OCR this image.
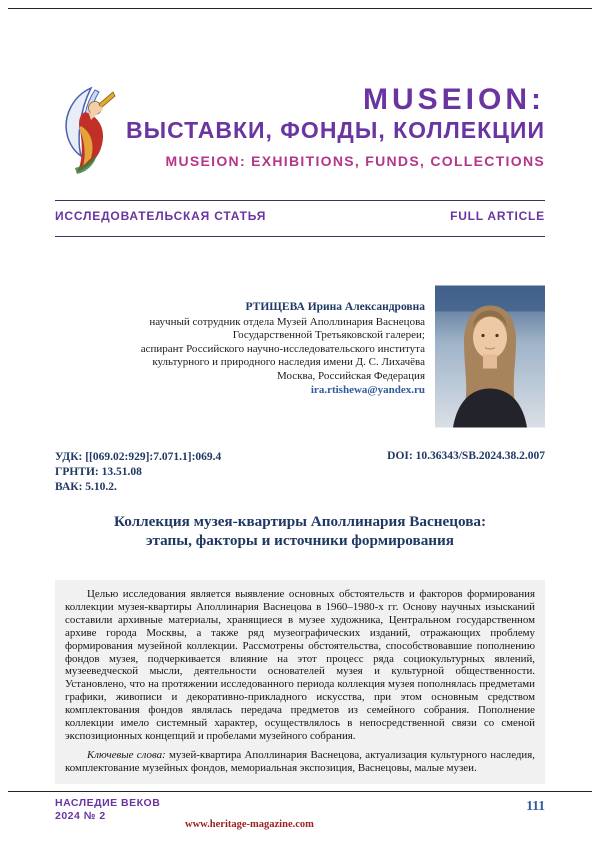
MUSEION:
ВЫСТАВКИ, ФОНДЫ, КОЛЛЕКЦИИ
MUSEION: EXHIBITIONS, FUNDS, COLLECTIONS
ИССЛЕДОВАТЕЛЬСКАЯ СТАТЬЯ	FULL ARTICLE
РТИЩЕВА Ирина Александровна
научный сотрудник отдела Музей Аполлинария Васнецова
Государственной Третьяковской галереи;
аспирант Российского научно-исследовательского института
культурного и природного наследия имени Д. С. Лихачёва
Москва, Российская Федерация
ira.rtishewa@yandex.ru
УДК: [[069.02:929]:7.071.1]:069.4
ГРНТИ: 13.51.08
ВАК: 5.10.2.
DOI: 10.36343/SB.2024.38.2.007
Коллекция музея-квартиры Аполлинария Васнецова:
этапы, факторы и источники формирования

Целью исследования является выявление основных обстоятельств и факторов формирования коллекции музея-квартиры Аполлинария Васнецова в 1960–1980-х гг. Основу научных изысканий составили архивные материалы, хранящиеся в музее художника, Центральном государственном архиве города Москвы, а также ряд музеографических изданий, отражающих проблему формирования музейной коллекции. Рассмотрены обстоятельства, способствовавшие пополнению фондов музея, подчеркивается влияние на этот процесс ряда социокультурных явлений, музееведческой мысли, деятельности основателей музея и культурной общественности. Установлено, что на протяжении исследованного периода коллекция музея пополнялась предметами графики, живописи и декоративно-прикладного искусства, при этом основным средством комплектования фондов являлась передача предметов из семейного собрания. Пополнение коллекции имело системный характер, осуществлялось в непосредственной связи со сменой экспозиционных концепций и пробелами музейного собрания.

Ключевые слова: музей-квартира Аполлинария Васнецова, актуализация культурного наследия, комплектование музейных фондов, мемориальная экспозиция, Васнецовы, малые музеи.

НАСЛЕДИЕ ВЕКОВ
2024 № 2
www.heritage-magazine.com
111
